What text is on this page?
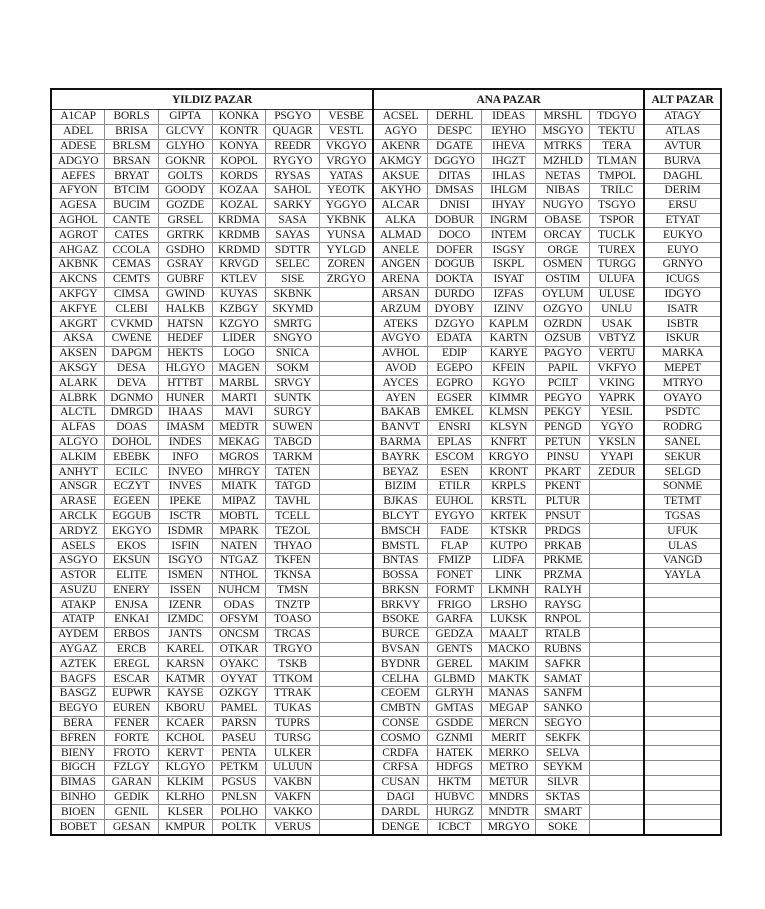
YILDIZ PAZAR						ANA PAZAR					ALT PAZAR
A1CAP	BORLS	GIPTA	KONKA	PSGYO	VESBE	ACSEL	DERHL	IDEAS	MRSHL	TDGYO	ATAGY
ADEL	BRISA	GLCVY	KONTR	QUAGR	VESTL	AGYO	DESPC	IEYHO	MSGYO	TEKTU	ATLAS
ADESE	BRLSM	GLYHO	KONYA	REEDR	VKGYO	AKENR	DGATE	IHEVA	MTRKS	TERA	AVTUR
ADGYO	BRSAN	GOKNR	KOPOL	RYGYO	VRGYO	AKMGY	DGGYO	IHGZT	MZHLD	TLMAN	BURVA
AEFES	BRYAT	GOLTS	KORDS	RYSAS	YATAS	AKSUE	DITAS	IHLAS	NETAS	TMPOL	DAGHL
AFYON	BTCIM	GOODY	KOZAA	SAHOL	YEOTK	AKYHO	DMSAS	IHLGM	NIBAS	TRILC	DERIM
AGESA	BUCIM	GOZDE	KOZAL	SARKY	YGGYO	ALCAR	DNISI	IHYAY	NUGYO	TSGYO	ERSU
AGHOL	CANTE	GRSEL	KRDMA	SASA	YKBNK	ALKA	DOBUR	INGRM	OBASE	TSPOR	ETYAT
AGROT	CATES	GRTRK	KRDMB	SAYAS	YUNSA	ALMAD	DOCO	INTEM	ORCAY	TUCLK	EUKYO
AHGAZ	CCOLA	GSDHO	KRDMD	SDTTR	YYLGD	ANELE	DOFER	ISGSY	ORGE	TUREX	EUYO
AKBNK	CEMAS	GSRAY	KRVGD	SELEC	ZOREN	ANGEN	DOGUB	ISKPL	OSMEN	TURGG	GRNYO
AKCNS	CEMTS	GUBRF	KTLEV	SISE	ZRGYO	ARENA	DOKTA	ISYAT	OSTIM	ULUFA	ICUGS
AKFGY	CIMSA	GWIND	KUYAS	SKBNK		ARSAN	DURDO	IZFAS	OYLUM	ULUSE	IDGYO
AKFYE	CLEBI	HALKB	KZBGY	SKYMD		ARZUM	DYOBY	IZINV	OZGYO	UNLU	ISATR
AKGRT	CVKMD	HATSN	KZGYO	SMRTG		ATEKS	DZGYO	KAPLM	OZRDN	USAK	ISBTR
AKSA	CWENE	HEDEF	LIDER	SNGYO		AVGYO	EDATA	KARTN	OZSUB	VBTYZ	ISKUR
AKSEN	DAPGM	HEKTS	LOGO	SNICA		AVHOL	EDIP	KARYE	PAGYO	VERTU	MARKA
AKSGY	DESA	HLGYO	MAGEN	SOKM		AVOD	EGEPO	KFEIN	PAPIL	VKFYO	MEPET
ALARK	DEVA	HTTBT	MARBL	SRVGY		AYCES	EGPRO	KGYO	PCILT	VKING	MTRYO
ALBRK	DGNMO	HUNER	MARTI	SUNTK		AYEN	EGSER	KIMMR	PEGYO	YAPRK	OYAYO
ALCTL	DMRGD	IHAAS	MAVI	SURGY		BAKAB	EMKEL	KLMSN	PEKGY	YESIL	PSDTC
ALFAS	DOAS	IMASM	MEDTR	SUWEN		BANVT	ENSRI	KLSYN	PENGD	YGYO	RODRG
ALGYO	DOHOL	INDES	MEKAG	TABGD		BARMA	EPLAS	KNFRT	PETUN	YKSLN	SANEL
ALKIM	EBEBK	INFO	MGROS	TARKM		BAYRK	ESCOM	KRGYO	PINSU	YYAPI	SEKUR
ANHYT	ECILC	INVEO	MHRGY	TATEN		BEYAZ	ESEN	KRONT	PKART	ZEDUR	SELGD
ANSGR	ECZYT	INVES	MIATK	TATGD		BIZIM	ETILR	KRPLS	PKENT		SONME
ARASE	EGEEN	IPEKE	MIPAZ	TAVHL		BJKAS	EUHOL	KRSTL	PLTUR		TETMT
ARCLK	EGGUB	ISCTR	MOBTL	TCELL		BLCYT	EYGYO	KRTEK	PNSUT		TGSAS
ARDYZ	EKGYO	ISDMR	MPARK	TEZOL		BMSCH	FADE	KTSKR	PRDGS		UFUK
ASELS	EKOS	ISFIN	NATEN	THYAO		BMSTL	FLAP	KUTPO	PRKAB		ULAS
ASGYO	EKSUN	ISGYO	NTGAZ	TKFEN		BNTAS	FMIZP	LIDFA	PRKME		VANGD
ASTOR	ELITE	ISMEN	NTHOL	TKNSA		BOSSA	FONET	LINK	PRZMA		YAYLA
ASUZU	ENERY	ISSEN	NUHCM	TMSN		BRKSN	FORMT	LKMNH	RALYH		
ATAKP	ENJSA	IZENR	ODAS	TNZTP		BRKVY	FRIGO	LRSHO	RAYSG		
ATATP	ENKAI	IZMDC	OFSYM	TOASO		BSOKE	GARFA	LUKSK	RNPOL		
AYDEM	ERBOS	JANTS	ONCSM	TRCAS		BURCE	GEDZA	MAALT	RTALB		
AYGAZ	ERCB	KAREL	OTKAR	TRGYO		BVSAN	GENTS	MACKO	RUBNS		
AZTEK	EREGL	KARSN	OYAKC	TSKB		BYDNR	GEREL	MAKIM	SAFKR		
BAGFS	ESCAR	KATMR	OYYAT	TTKOM		CELHA	GLBMD	MAKTK	SAMAT		
BASGZ	EUPWR	KAYSE	OZKGY	TTRAK		CEOEM	GLRYH	MANAS	SANFM		
BEGYO	EUREN	KBORU	PAMEL	TUKAS		CMBTN	GMTAS	MEGAP	SANKO		
BERA	FENER	KCAER	PARSN	TUPRS		CONSE	GSDDE	MERCN	SEGYO		
BFREN	FORTE	KCHOL	PASEU	TURSG		COSMO	GZNMI	MERIT	SEKFK		
BIENY	FROTO	KERVT	PENTA	ULKER		CRDFA	HATEK	MERKO	SELVA		
BIGCH	FZLGY	KLGYO	PETKM	ULUUN		CRFSA	HDFGS	METRO	SEYKM		
BIMAS	GARAN	KLKIM	PGSUS	VAKBN		CUSAN	HKTM	METUR	SILVR		
BINHO	GEDIK	KLRHO	PNLSN	VAKFN		DAGI	HUBVC	MNDRS	SKTAS		
BIOEN	GENIL	KLSER	POLHO	VAKKO		DARDL	HURGZ	MNDTR	SMART		
BOBET	GESAN	KMPUR	POLTK	VERUS		DENGE	ICBCT	MRGYO	SOKE		
